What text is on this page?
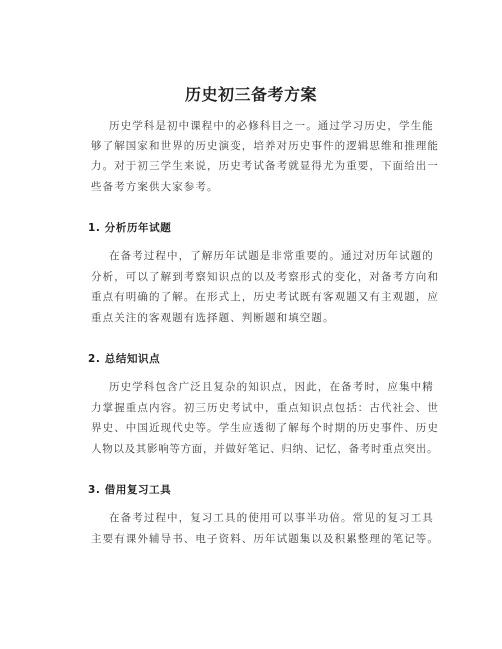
历史初三备考方案
历史学科是初中课程中的必修科目之一。通过学习历史，学生能
够了解国家和世界的历史演变，培养对历史事件的逻辑思维和推理能
力。对于初三学生来说，历史考试备考就显得尤为重要，下面给出一
些备考方案供大家参考。
1. 分析历年试题
在备考过程中，了解历年试题是非常重要的。通过对历年试题的
分析，可以了解到考察知识点的以及考察形式的变化，对备考方向和
重点有明确的了解。在形式上，历史考试既有客观题又有主观题，应
重点关注的客观题有选择题、判断题和填空题。
2. 总结知识点
历史学科包含广泛且复杂的知识点，因此，在备考时，应集中精
力掌握重点内容。初三历史考试中，重点知识点包括：古代社会、世
界史、中国近现代史等。学生应透彻了解每个时期的历史事件、历史
人物以及其影响等方面，并做好笔记、归纳、记忆，备考时重点突出。
3. 借用复习工具
在备考过程中，复习工具的使用可以事半功倍。常见的复习工具
主要有课外辅导书、电子资料、历年试题集以及积累整理的笔记等。
